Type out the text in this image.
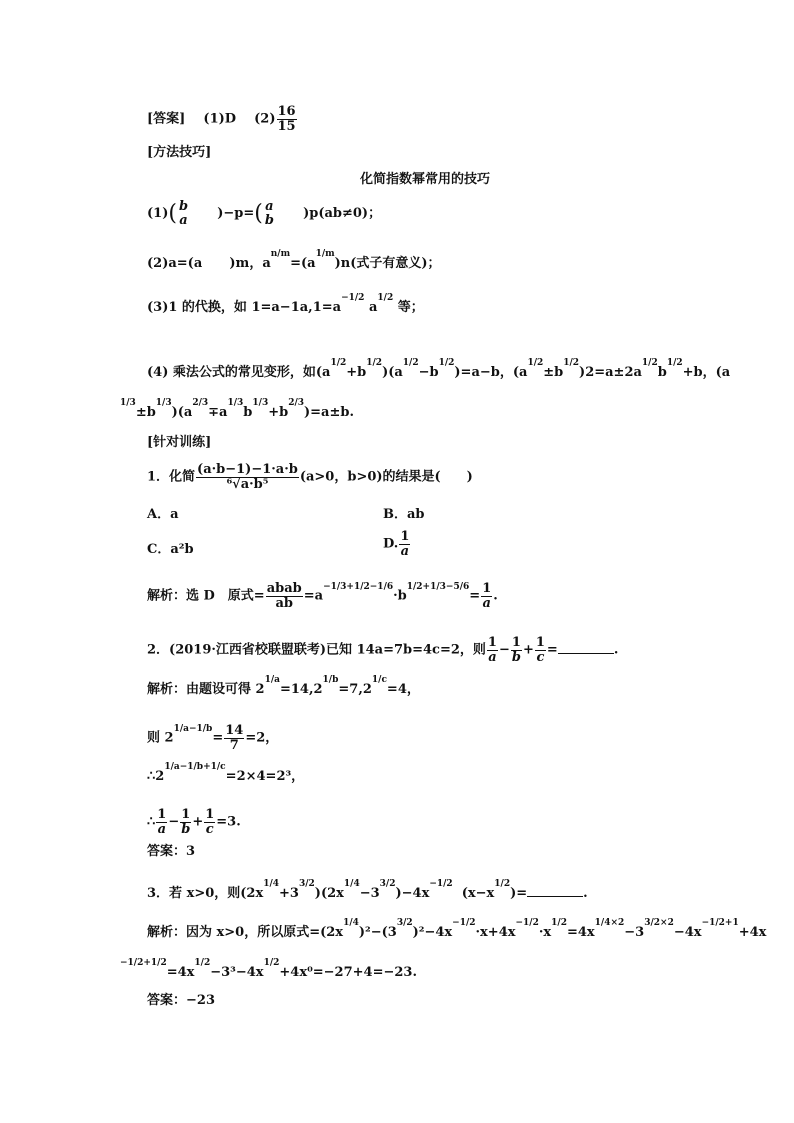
[答案] (1)D $(2) \frac{16}{15}$
[方法技巧]
化简指数幂常用的技巧
(1)( b
a )−p=( a
b )p(ab≠0)；
(2)a=(a )m，$a^{n/m}=(a^{1/m})n$(式子有意义)；
(3)1 的代换，如 $1=a-1a,1=a^{-1/2}$ $a^{1/2}$ 等；
(4) 乘法公式的常见变形，如$(a^{1/2}+b^{1/2})(a^{1/2}-b^{1/2})=a-b$，$(a^{1/2}\pm b^{1/2})2=a\pm 2a^{1/2}b^{1/2}+b$，(a
$^{1/3}\pm b^{1/3})(a^{2/3}\mp a^{1/3}b^{1/3}+b^{2/3})=a\pm b$.
[针对训练]
1．化简 $\frac{(a\cdot b-1)-1\cdot a\cdot b}{\text{⁶√a·b⁵}} (a>0$，b>0)的结果是(　　)
A．a	B．ab
C．a²b	D. $\frac{1}{a}$
解析：选 D　原式= $\frac{\text{abab}}{ab} =a^{-1/3+1/2-1/6}\cdot b^{1/2+1/3-5/6}= \frac{1}{a}$ .
2．(2019·江西省校联盟联考)已知 14a=7b=4c=2，则 $\frac{1}{a} - \frac{1}{b} + \frac{1}{c}$ =	.
解析：由题设可得 $2^{1/a}=14,2^{1/b}=7,2^{1/c}=4$，
则 $2^{1/a-1/b}= \frac{14}{7} =2$，
$\therefore 2^{1/a-1/b+1/c}=2\times 4=2^3$，
∴ $\frac{1}{a} - \frac{1}{b} + \frac{1}{c} =3$.
答案：3
3．若 x>0，则$(2x^{1/4}+3^{3/2})(2x^{1/4}-3^{3/2})-4x^{-1/2}$  $(x-x^{1/2})=$	.
解析：因为 x>0，所以原式$=(2x^{1/4})^2-(3^{3/2})^2-4x^{-1/2}\cdot x+4x^{-1/2}\cdot x^{1/2}=4x^{1/4\times 2}-3^{3/2\times 2}-4x^{-1/2+1}+4x$
$^{-1/2+1/2}=4x^{1/2}-3^3-4x^{1/2}+4x^0=-27+4=-23$.
答案：−23
